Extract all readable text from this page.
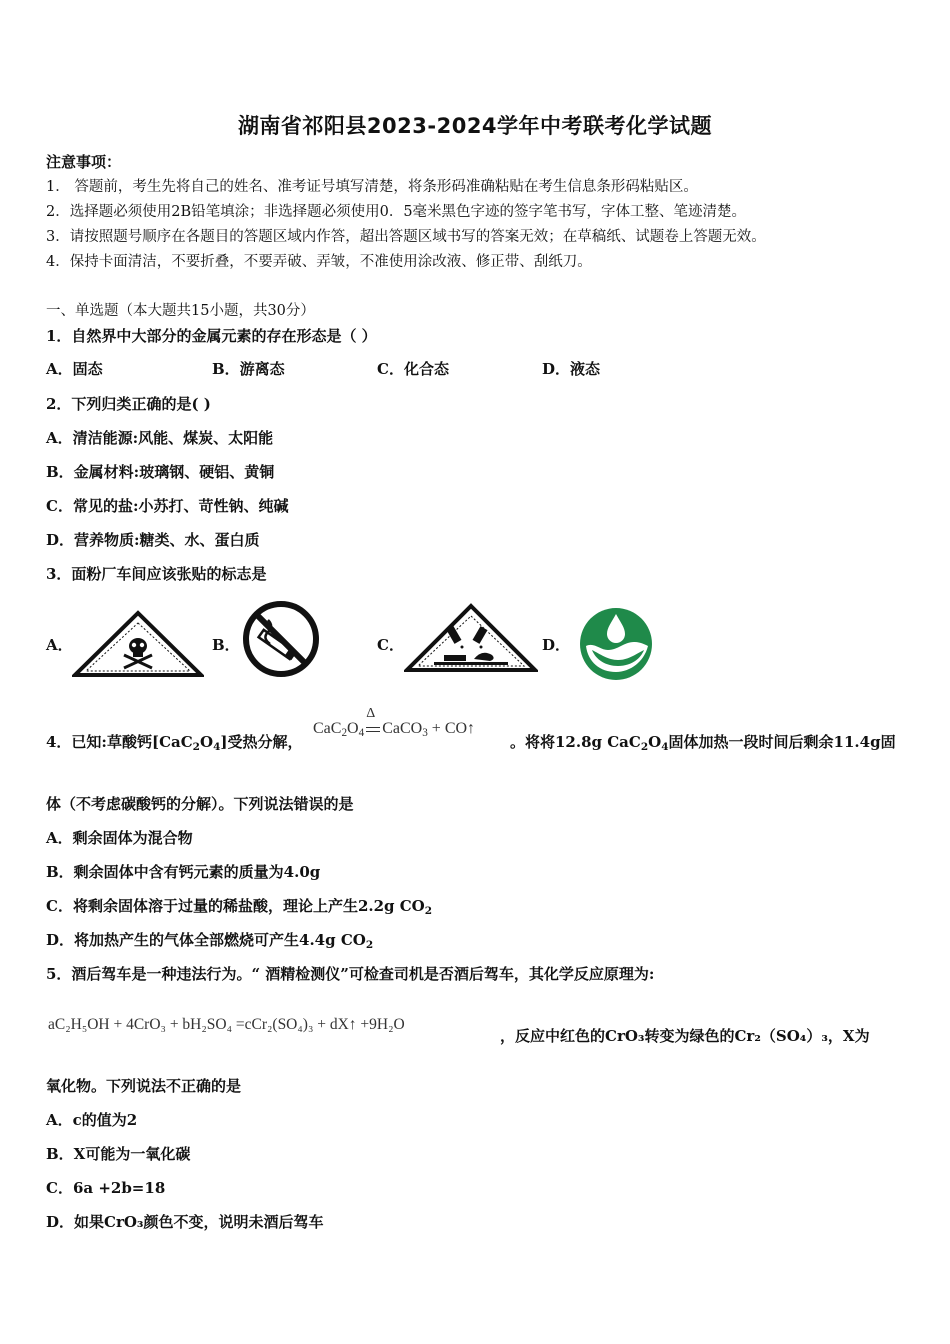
湖南省祁阳县2023-2024学年中考联考化学试题
注意事项：
1． 答题前，考生先将自己的姓名、准考证号填写清楚，将条形码准确粘贴在考生信息条形码粘贴区。
2．选择题必须使用2B铅笔填涂；非选择题必须使用0．5毫米黑色字迹的签字笔书写，字体工整、笔迹清楚。
3．请按照题号顺序在各题目的答题区域内作答，超出答题区域书写的答案无效；在草稿纸、试题卷上答题无效。
4．保持卡面清洁，不要折叠，不要弄破、弄皱，不准使用涂改液、修正带、刮纸刀。
一、单选题（本大题共15小题，共30分）
1．自然界中大部分的金属元素的存在形态是（ ）
A．固态	B．游离态	C．化合态	D．液态
2．下列归类正确的是( )
A．清洁能源:风能、煤炭、太阳能
B．金属材料:玻璃钢、硬铝、黄铜
C．常见的盐:小苏打、苛性钠、纯碱
D．营养物质:糖类、水、蛋白质
3．面粉厂车间应该张贴的标志是
A．	B．	C．	D．
4．已知:草酸钙$[CaC_2O_4]$受热分解，
$CaC_2O_4$
Δ
CaCO$_3$ + CO↑
。将将12.8g $CaC_2O_4$固体加热一段时间后剩余11.4g固
体（不考虑碳酸钙的分解）。下列说法错误的是
A．剩余固体为混合物
B．剩余固体中含有钙元素的质量为4.0g
C．将剩余固体溶于过量的稀盐酸，理论上产生2.2g $CO_2$
D．将加热产生的气体全部燃烧可产生4.4g $CO_2$
5．酒后驾车是一种违法行为。“ 酒精检测仪”可检查司机是否酒后驾车，其化学反应原理为:
aC₂H₅OH + 4CrO₃ + bH₂SO₄ =cCr₂(SO₄)₃ + dX↑ +9H₂O
，反应中红色的CrO₃转变为绿色的Cr₂（SO₄）₃，X为
氧化物。下列说法不正确的是
A．c的值为2
B．X可能为一氧化碳
C．6a +2b=18
D．如果CrO₃颜色不变，说明未酒后驾车
